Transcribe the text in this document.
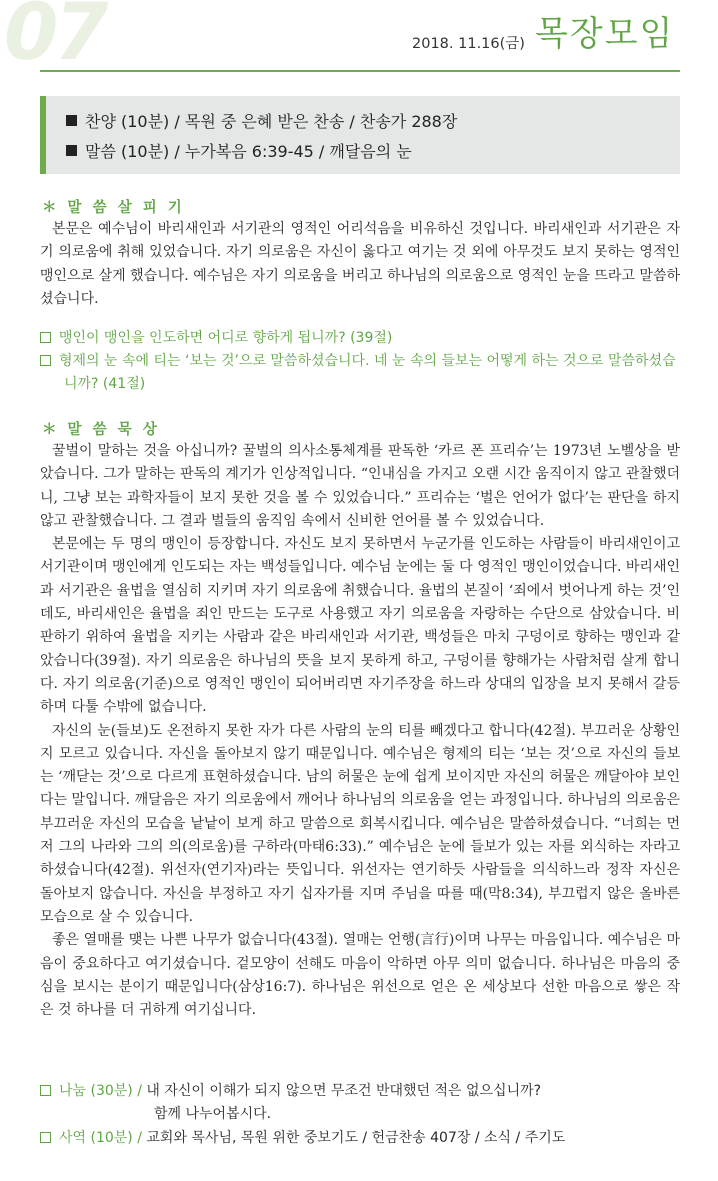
07	2018. 11.16(금) 목장모임
찬양 (10분) / 목원 중 은혜 받은 찬송 / 찬송가 288장
말씀 (10분) / 누가복음 6:39-45 / 깨달음의 눈
＊ 말 씀 살 피 기

본문은 예수님이 바리새인과 서기관의 영적인 어리석음을 비유하신 것입니다. 바리새인과 서기관은 자기 의로움에 취해 있었습니다. 자기 의로움은 자신이 옳다고 여기는 것 외에 아무것도 보지 못하는 영적인 맹인으로 살게 했습니다. 예수님은 자기 의로움을 버리고 하나님의 의로움으로 영적인 눈을 뜨라고 말씀하셨습니다.

맹인이 맹인을 인도하면 어디로 향하게 됩니까? (39절)
형제의 눈 속에 티는 ‘보는 것’으로 말씀하셨습니다. 네 눈 속의 들보는 어떻게 하는 것으로 말씀하셨습니까? (41절)
＊ 말 씀 묵 상

꿀벌이 말하는 것을 아십니까? 꿀벌의 의사소통체계를 판독한 ‘카르 폰 프리슈’는 1973년 노벨상을 받았습니다. 그가 말하는 판독의 계기가 인상적입니다. “인내심을 가지고 오랜 시간 움직이지 않고 관찰했더니, 그냥 보는 과학자들이 보지 못한 것을 볼 수 있었습니다.” 프리슈는 ‘벌은 언어가 없다’는 판단을 하지 않고 관찰했습니다. 그 결과 벌들의 움직임 속에서 신비한 언어를 볼 수 있었습니다.

본문에는 두 명의 맹인이 등장합니다. 자신도 보지 못하면서 누군가를 인도하는 사람들이 바리새인이고 서기관이며 맹인에게 인도되는 자는 백성들입니다. 예수님 눈에는 둘 다 영적인 맹인이었습니다. 바리새인과 서기관은 율법을 열심히 지키며 자기 의로움에 취했습니다. 율법의 본질이 ‘죄에서 벗어나게 하는 것’인데도, 바리새인은 율법을 죄인 만드는 도구로 사용했고 자기 의로움을 자랑하는 수단으로 삼았습니다. 비판하기 위하여 율법을 지키는 사람과 같은 바리새인과 서기관, 백성들은 마치 구덩이로 향하는 맹인과 같았습니다(39절). 자기 의로움은 하나님의 뜻을 보지 못하게 하고, 구덩이를 향해가는 사람처럼 살게 합니다. 자기 의로움(기준)으로 영적인 맹인이 되어버리면 자기주장을 하느라 상대의 입장을 보지 못해서 갈등하며 다툴 수밖에 없습니다.

자신의 눈(들보)도 온전하지 못한 자가 다른 사람의 눈의 티를 빼겠다고 합니다(42절). 부끄러운 상황인지 모르고 있습니다. 자신을 돌아보지 않기 때문입니다. 예수님은 형제의 티는 ‘보는 것’으로 자신의 들보는 ‘깨닫는 것’으로 다르게 표현하셨습니다. 남의 허물은 눈에 쉽게 보이지만 자신의 허물은 깨달아야 보인다는 말입니다. 깨달음은 자기 의로움에서 깨어나 하나님의 의로움을 얻는 과정입니다. 하나님의 의로움은 부끄러운 자신의 모습을 낱낱이 보게 하고 말씀으로 회복시킵니다. 예수님은 말씀하셨습니다. “너희는 먼저 그의 나라와 그의 의(의로움)를 구하라(마태6:33).” 예수님은 눈에 들보가 있는 자를 외식하는 자라고 하셨습니다(42절). 위선자(연기자)라는 뜻입니다. 위선자는 연기하듯 사람들을 의식하느라 정작 자신은 돌아보지 않습니다. 자신을 부정하고 자기 십자가를 지며 주님을 따를 때(막8:34), 부끄럽지 않은 올바른 모습으로 살 수 있습니다.

좋은 열매를 맺는 나쁜 나무가 없습니다(43절). 열매는 언행(言行)이며 나무는 마음입니다. 예수님은 마음이 중요하다고 여기셨습니다. 겉모양이 선해도 마음이 악하면 아무 의미 없습니다. 하나님은 마음의 중심을 보시는 분이기 때문입니다(삼상16:7). 하나님은 위선으로 얻은 온 세상보다 선한 마음으로 쌓은 작은 것 하나를 더 귀하게 여기십니다.

나눔 (30분) / 내 자신이 이해가 되지 않으면 무조건 반대했던 적은 없으십니까?
함께 나누어봅시다.
사역 (10분) / 교회와 목사님, 목원 위한 중보기도 / 헌금찬송 407장 / 소식 / 주기도
